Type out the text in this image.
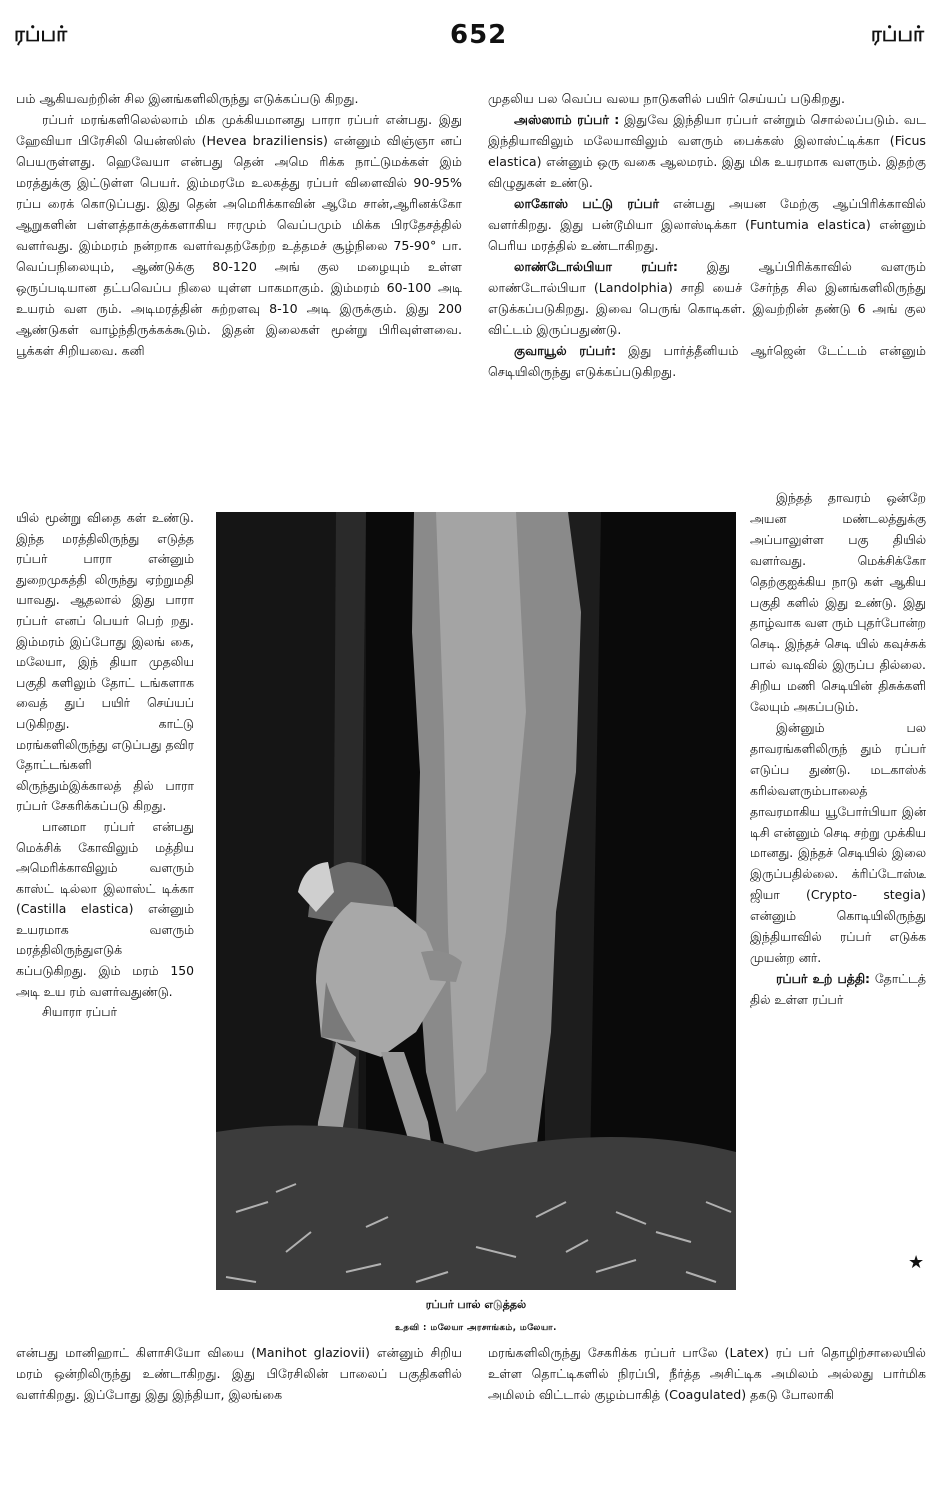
ரப்பர்	652	ரப்பர்

பம் ஆகியவற்றின் சில இனங்களிலிருந்து எடுக்கப்படு கிறது.

ரப்பர் மரங்களிலெல்லாம் மிக முக்கியமானது பாரா ரப்பர் என்பது. இது ஹேவியா பிரேசிலி யென்ஸிஸ் (Hevea braziliensis) என்னும் விஞ்ஞா னப் பெயருள்ளது. ஹெவேயா என்பது தென் அமெ ரிக்க நாட்டுமக்கள் இம் மரத்துக்கு இட்டுள்ள பெயர். இம்மரமே உலகத்து ரப்பர் விளைவில் 90-95% ரப்ப ரைக் கொடுப்பது. இது தென் அமெரிக்காவின் ஆமே சான்,ஆரினக்கோ ஆறுகளின் பள்ளத்தாக்குக்களாகிய ஈரமும் வெப்பமும் மிக்க பிரதேசத்தில் வளர்வது. இம்மரம் நன்றாக வளர்வதற்கேற்ற உத்தமச் சூழ்நிலை 75-90° பா. வெப்பநிலையும், ஆண்டுக்கு 80-120 அங் குல மழையும் உள்ள ஒருப்படியான தட்பவெப்ப நிலை யுள்ள பாகமாகும். இம்மரம் 60-100 அடி உயரம் வள ரும். அடிமரத்தின் சுற்றளவு 8-10 அடி இருக்கும். இது 200 ஆண்டுகள் வாழ்ந்திருக்கக்கூடும். இதன் இலைகள் மூன்று பிரிவுள்ளவை. பூக்கள் சிறியவை. கனி

முதலிய பல வெப்ப வலய நாடுகளில் பயிர் செய்யப் படுகிறது.

அஸ்ஸாம் ரப்பர் : இதுவே இந்தியா ரப்பர் என்றும் சொல்லப்படும். வட இந்தியாவிலும் மலேயாவிலும் வளரும் பைக்கஸ் இலாஸ்ட்டிக்கா (Ficus elastica) என்னும் ஒரு வகை ஆலமரம். இது மிக உயரமாக வளரும். இதற்கு விழுதுகள் உண்டு.

லாகோஸ் பட்டு ரப்பர் என்பது அயன மேற்கு ஆப்பிரிக்காவில் வளர்கிறது. இது பன்டூமியா இலாஸ்டிக்கா (Funtumia elastica) என்னும் பெரிய மரத்தில் உண்டாகிறது.

லாண்டோல்பியா ரப்பர்: இது ஆப்பிரிக்காவில் வளரும் லாண்டோல்பியா (Landolphia) சாதி யைச் சேர்ந்த சில இனங்களிலிருந்து எடுக்கப்படுகிறது. இவை பெருங் கொடிகள். இவற்றின் தண்டு 6 அங் குல விட்டம் இருப்பதுண்டு.

குவாயூல் ரப்பர்: இது பார்த்தீனியம் ஆர்ஜென் டேட்டம் என்னும் செடியிலிருந்து எடுக்கப்படுகிறது.

யில் மூன்று விதை கள் உண்டு. இந்த மரத்திலிருந்து எடுத்த ரப்பர் பாரா என்னும் துறைமுகத்தி லிருந்து ஏற்றுமதி யாவது. ஆதலால் இது பாரா ரப்பர் எனப் பெயர் பெற் றது. இம்மரம் இப்போது இலங் கை, மலேயா, இந் தியா முதலிய பகுதி களிலும் தோட் டங்களாக வைத் துப் பயிர் செய்யப் படுகிறது. காட்டு மரங்களிலிருந்து எடுப்பது தவிர தோட்டங்களி லிருந்தும்இக்காலத் தில் பாரா ரப்பர் சேகரிக்கப்படு கிறது.

பானமா ரப்பர் என்பது மெக்சிக் கோவிலும் மத்திய அமெரிக்காவிலும் வளரும் காஸ்ட் டில்லா இலாஸ்ட் டிக்கா (Castilla elastica) என்னும் உயரமாக வளரும் மரத்திலிருந்துஎடுக் கப்படுகிறது. இம் மரம் 150 அடி உய ரம் வளர்வதுண்டு.

சியாரா ரப்பர்

ரப்பர் பால் எடுத்தல்
உதவி : மலேயா அரசாங்கம், மலேயா.

இந்தத் தாவரம் ஒன்றே அயன மண்டலத்துக்கு அப்பாலுள்ள பகு தியில் வளர்வது. மெக்சிக்கோ தெற்குஐக்கிய நாடு கள் ஆகிய பகுதி களில் இது உண்டு. இது தாழ்வாக வள ரும் புதர்போன்ற செடி. இந்தச் செடி யில் கவுச்சுக் பால் வடிவில் இருப்ப தில்லை. சிறிய மணி செடியின் திசுக்களி லேயும் அகப்படும்.

இன்னும் பல தாவரங்களிலிருந் தும் ரப்பர் எடுப்ப துண்டு. மடகாஸ்க் கரில்வளரும்பாலைத் தாவரமாகிய யூபோர்பியா இன் டிசி என்னும் செடி சற்று முக்கிய மானது. இந்தச் செடியில் இலை இருப்பதில்லை. க்ரிப்டோஸ்டீ ஜியா (Crypto- stegia) என்னும் கொடியிலிருந்து இந்தியாவில் ரப்பர் எடுக்க முயன்ற னர்.

ரப்பர் உற் பத்தி: தோட்டத் தில் உள்ள ரப்பர்

★

என்பது மானிஹாட் கிளாசியோ வியை (Manihot glaziovii) என்னும் சிறிய மரம் ஒன்றிலிருந்து உண்டாகிறது. இது பிரேசிலின் பாலைப் பகுதிகளில் வளர்கிறது. இப்போது இது இந்தியா, இலங்கை

மரங்களிலிருந்து சேகரிக்க ரப்பர் பாலே (Latex) ரப் பர் தொழிற்சாலையில் உள்ள தொட்டிகளில் நிரப்பி, நீர்த்த அசிட்டிக அமிலம் அல்லது பார்மிக அமிலம் விட்டால் குழம்பாகித் (Coagulated) தகடு போலாகி
